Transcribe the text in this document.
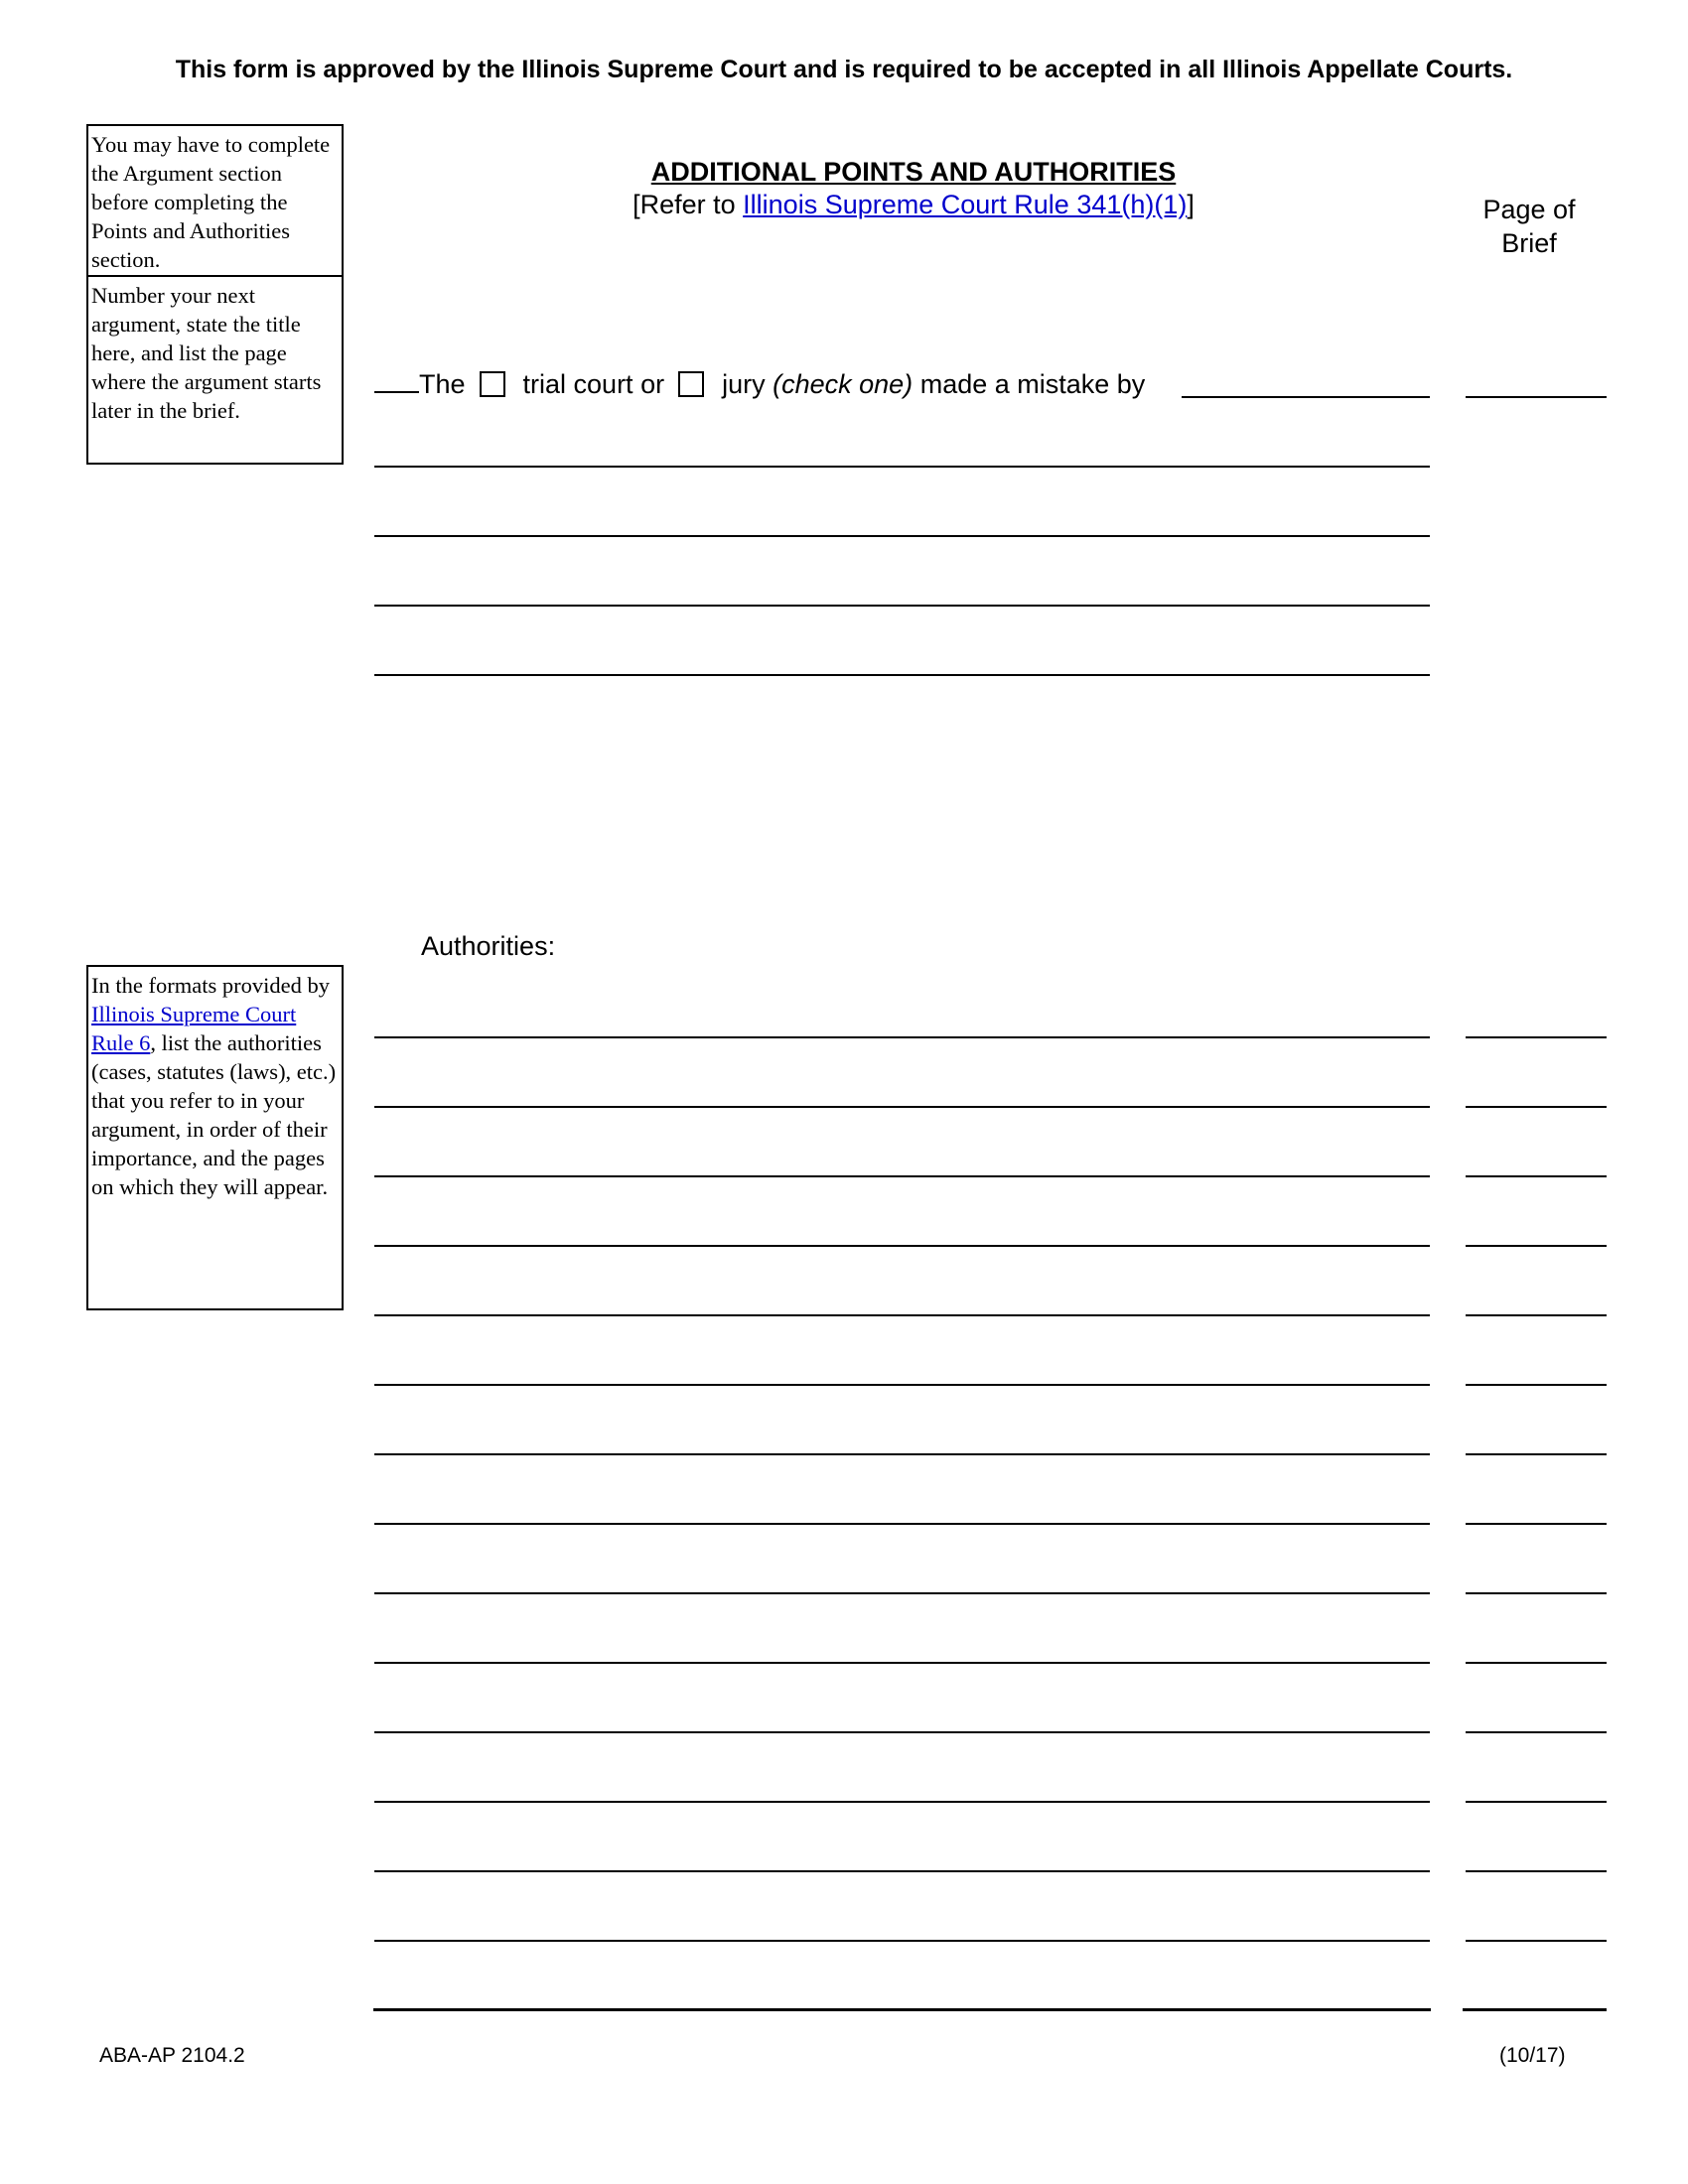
This form is approved by the Illinois Supreme Court and is required to be accepted in all Illinois Appellate Courts.

You may have to complete the Argument section before completing the Points and Authorities section.

Number your next argument, state the title here, and list the page where the argument starts later in the brief.

In the formats provided by Illinois Supreme Court Rule 6, list the authorities (cases, statutes (laws), etc.) that you refer to in your argument, in order of their importance, and the pages on which they will appear.

ADDITIONAL POINTS AND AUTHORITIES
[Refer to Illinois Supreme Court Rule 341(h)(1)]	Page of
Brief
The trial court or jury (check one) made a mistake by
Authorities:
ABA-AP 2104.2	(10/17)
